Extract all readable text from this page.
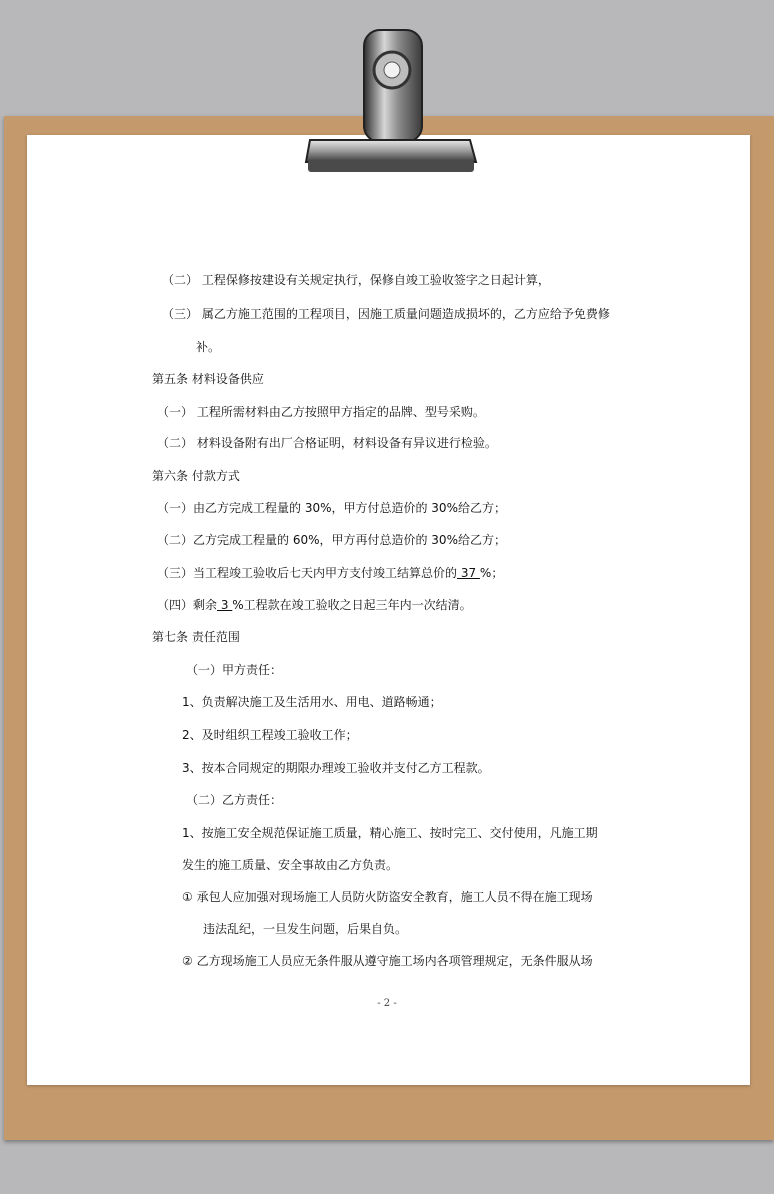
（二） 工程保修按建设有关规定执行，保修自竣工验收签字之日起计算，

（三） 属乙方施工范围的工程项目，因施工质量问题造成损坏的，乙方应给予免费修

补。

第五条 材料设备供应

（一） 工程所需材料由乙方按照甲方指定的品牌、型号采购。

（二） 材料设备附有出厂合格证明，材料设备有异议进行检验。

第六条 付款方式

（一）由乙方完成工程量的 30%，甲方付总造价的 30%给乙方；

（二）乙方完成工程量的 60%，甲方再付总造价的 30%给乙方；

（三）当工程竣工验收后七天内甲方支付竣工结算总价的 37 %；

（四）剩余 3 %工程款在竣工验收之日起三年内一次结清。

第七条 责任范围

（一）甲方责任：

1、负责解决施工及生活用水、用电、道路畅通；

2、及时组织工程竣工验收工作；

3、按本合同规定的期限办理竣工验收并支付乙方工程款。

（二）乙方责任：

1、按施工安全规范保证施工质量，精心施工、按时完工、交付使用，凡施工期

发生的施工质量、安全事故由乙方负责。

① 承包人应加强对现场施工人员防火防盗安全教育，施工人员不得在施工现场

违法乱纪，一旦发生问题，后果自负。

② 乙方现场施工人员应无条件服从遵守施工场内各项管理规定，无条件服从场

- 2 -
